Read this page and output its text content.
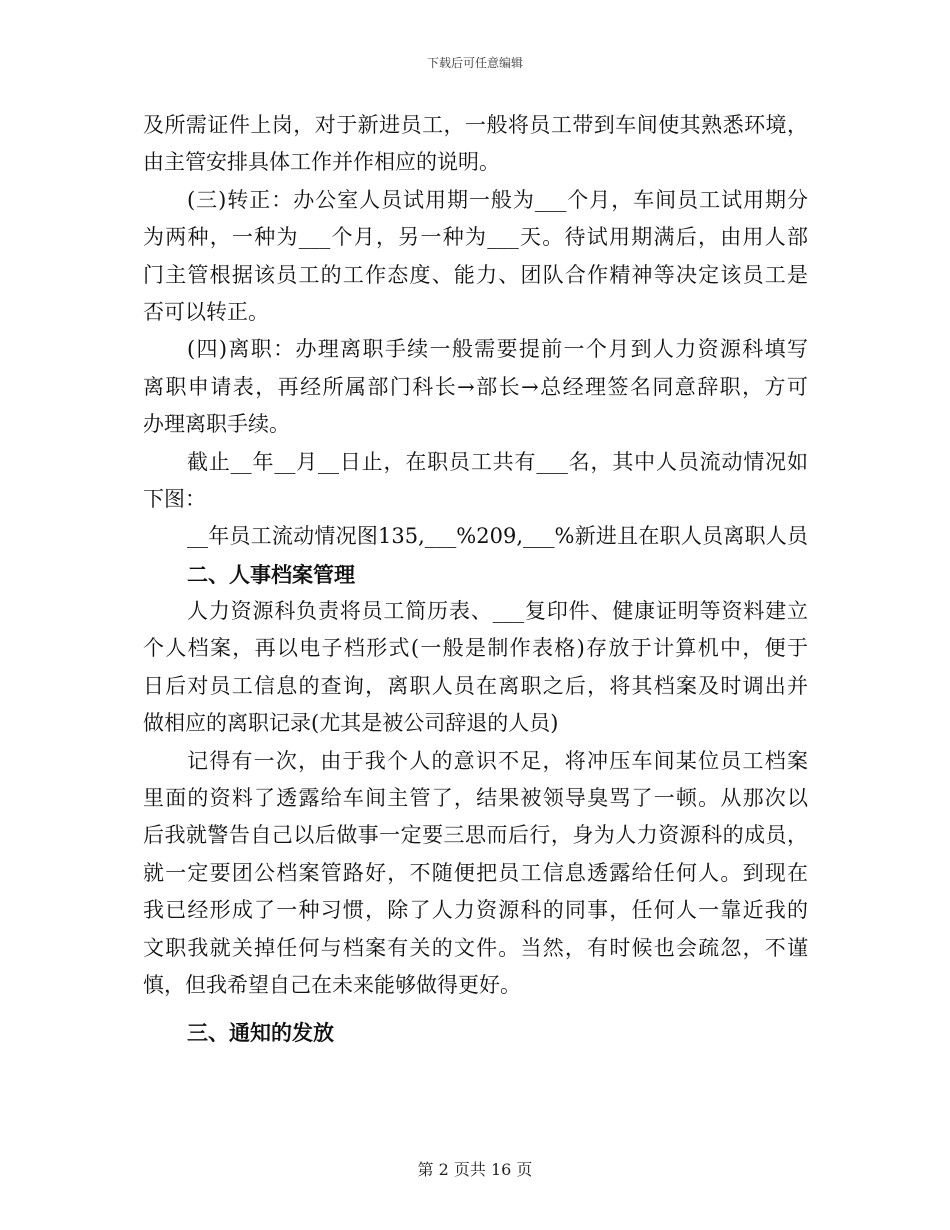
下载后可任意编辑
及所需证件上岗，对于新进员工，一般将员工带到车间使其熟悉环境，
由主管安排具体工作并作相应的说明。
(三)转正：办公室人员试用期一般为___个月，车间员工试用期分
为两种，一种为___个月，另一种为___天。待试用期满后，由用人部
门主管根据该员工的工作态度、能力、团队合作精神等决定该员工是
否可以转正。
(四)离职：办理离职手续一般需要提前一个月到人力资源科填写
离职申请表，再经所属部门科长→部长→总经理签名同意辞职，方可
办理离职手续。
截止__年__月__日止，在职员工共有___名，其中人员流动情况如
下图：
__年员工流动情况图135,___%209,___%新进且在职人员离职人员
二、人事档案管理
人力资源科负责将员工简历表、___复印件、健康证明等资料建立
个人档案，再以电子档形式(一般是制作表格)存放于计算机中，便于
日后对员工信息的查询，离职人员在离职之后，将其档案及时调出并
做相应的离职记录(尤其是被公司辞退的人员)
记得有一次，由于我个人的意识不足，将冲压车间某位员工档案
里面的资料了透露给车间主管了，结果被领导臭骂了一顿。从那次以
后我就警告自己以后做事一定要三思而后行，身为人力资源科的成员，
就一定要团公档案管路好，不随便把员工信息透露给任何人。到现在
我已经形成了一种习惯，除了人力资源科的同事，任何人一靠近我的
文职我就关掉任何与档案有关的文件。当然，有时候也会疏忽，不谨
慎，但我希望自己在未来能够做得更好。
三、通知的发放
第 2 页共 16 页
